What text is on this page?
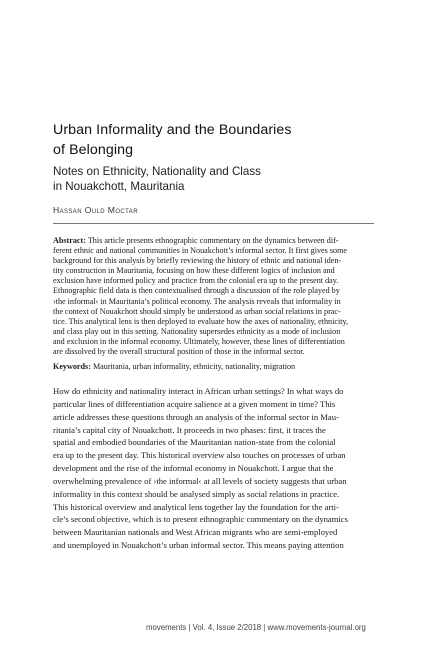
Urban Informality and the Boundaries
of Belonging
Notes on Ethnicity, Nationality and Class
in Nouakchott, Mauritania
Hassan Ould Moctar
Abstract: This article presents ethnographic commentary on the dynamics between dif-
ferent ethnic and national communities in Nouakchott’s informal sector. It first gives some
background for this analysis by briefly reviewing the history of ethnic and national iden-
tity construction in Mauritania, focusing on how these different logics of inclusion and
exclusion have informed policy and practice from the colonial era up to the present day.
Ethnographic field data is then contextualised through a discussion of the role played by
›the informal‹ in Mauritania’s political economy. The analysis reveals that informality in
the context of Nouakchott should simply be understood as urban social relations in prac-
tice. This analytical lens is then deployed to evaluate how the axes of nationality, ethnicity,
and class play out in this setting. Nationality supersedes ethnicity as a mode of inclusion
and exclusion in the informal economy. Ultimately, however, these lines of differentiation
are dissolved by the overall structural position of those in the informal sector.
Keywords: Mauritania, urban informality, ethnicity, nationality, migration
How do ethnicity and nationality interact in African urban settings? In what ways do
particular lines of differentiation acquire salience at a given moment in time? This
article addresses these questions through an analysis of the informal sector in Mau-
ritania’s capital city of Nouakchott. It proceeds in two phases: first, it traces the
spatial and embodied boundaries of the Mauritanian nation-state from the colonial
era up to the present day. This historical overview also touches on processes of urban
development and the rise of the informal economy in Nouakchott. I argue that the
overwhelming prevalence of ›the informal‹ at all levels of society suggests that urban
informality in this context should be analysed simply as social relations in practice.
This historical overview and analytical lens together lay the foundation for the arti-
cle’s second objective, which is to present ethnographic commentary on the dynamics
between Mauritanian nationals and West African migrants who are semi-employed
and unemployed in Nouakchott’s urban informal sector. This means paying attention
movements | Vol. 4, Issue 2/2018 | www.movements-journal.org
